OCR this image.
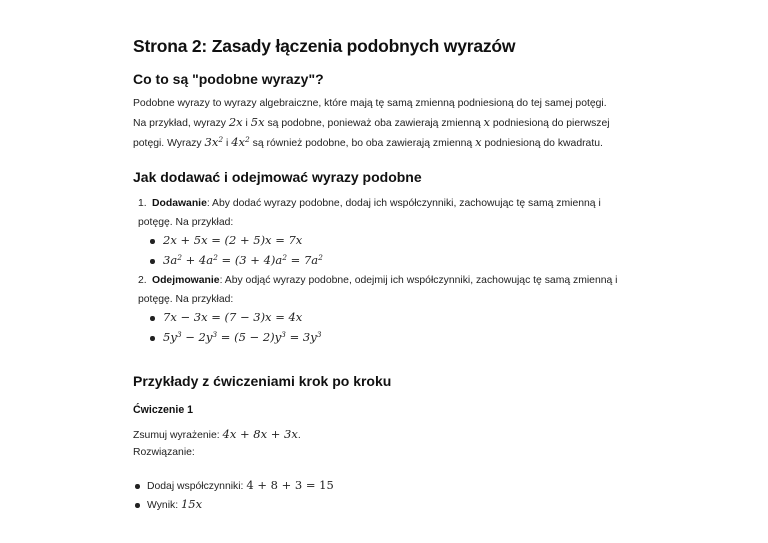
Strona 2: Zasady łączenia podobnych wyrazów
Co to są "podobne wyrazy"?
Podobne wyrazy to wyrazy algebraiczne, które mają tę samą zmienną podniesioną do tej samej potęgi.
Na przykład, wyrazy 2x i 5x są podobne, ponieważ oba zawierają zmienną x podniesioną do pierwszej
potęgi. Wyrazy $3x^2$ i $4x^2$ są również podobne, bo oba zawierają zmienną x podniesioną do kwadratu.
Jak dodawać i odejmować wyrazy podobne
1. Dodawanie: Aby dodać wyrazy podobne, dodaj ich współczynniki, zachowując tę samą zmienną i
potęgę. Na przykład:
2x + 5x = (2 + 5)x = 7x
$3a^2 + 4a^2 = (3 + 4)a^2 = 7a^2$
2. Odejmowanie: Aby odjąć wyrazy podobne, odejmij ich współczynniki, zachowując tę samą zmienną i
potęgę. Na przykład:
7x − 3x = (7 − 3)x = 4x
$5y^3 - 2y^3 = (5 - 2)y^3 = 3y^3$
Przykłady z ćwiczeniami krok po kroku
Ćwiczenie 1
Zsumuj wyrażenie: 4x + 8x + 3x.
Rozwiązanie:
Dodaj współczynniki: 4 + 8 + 3 = 15
Wynik: 15x
